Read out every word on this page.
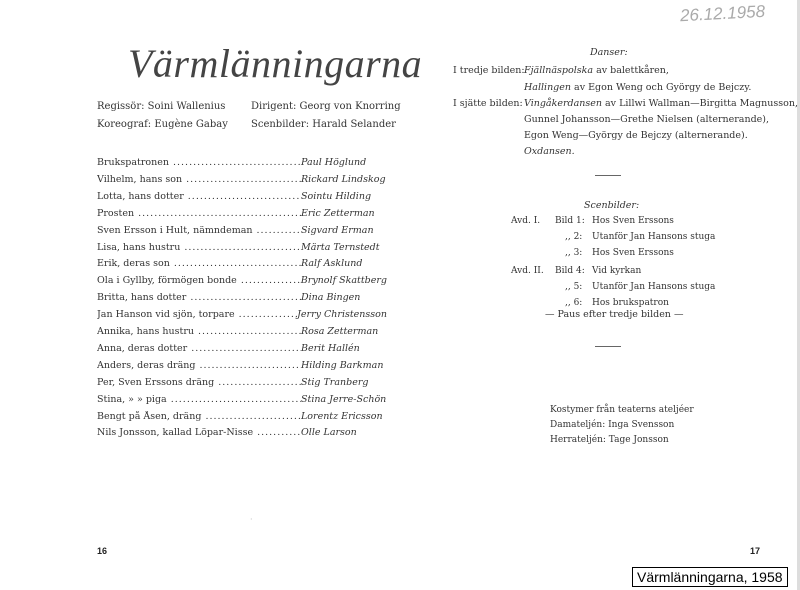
26.12.1958
Värmlänningarna
Regissör: Soini Wallenius	Dirigent: Georg von Knorring
Koreograf: Eugène Gabay Scenbilder: Harald Selander
Brukspatronen .....	Paul Höglund
Vilhelm, hans son .....	Rickard Lindskog
Lotta, hans dotter .....	Sointu Hilding
Prosten .....	Eric Zetterman
Sven Ersson i Hult, nämndeman .....	Sigvard Erman
Lisa, hans hustru .....	Märta Ternstedt
Erik, deras son .....	Ralf Asklund
Ola i Gyllby, förmögen bonde .....	Brynolf Skattberg
Britta, hans dotter .....	Dina Bingen
Jan Hanson vid sjön, torpare .....	Jerry Christensson
Annika, hans hustru .....	Rosa Zetterman
Anna, deras dotter .....	Berit Hallén
Anders, deras dräng .....	Hilding Barkman
Per, Sven Erssons dräng .....	Stig Tranberg
Stina, » » piga .....	Stina Jerre-Schön
Bengt på Åsen, dräng .....	Lorentz Ericsson
Nils Jonsson, kallad Löpar-Nisse .....	Olle Larson
Danser:
I tredje bilden: Fjällnäspolska av balettkåren,
Hallingen av Egon Weng och György de Bejczy.
I sjätte bilden: Vingåkerdansen av Lillwi Wallman—Birgitta Magnusson,
Gunnel Johansson—Grethe Nielsen (alternerande),
Egon Weng—György de Bejczy (alternerande).
Oxdansen.
Scenbilder:
Avd. I. Bild 1: Hos Sven Erssons
,, 2: Utanför Jan Hansons stuga
,, 3: Hos Sven Erssons
Avd. II. Bild 4: Vid kyrkan
,, 5: Utanför Jan Hansons stuga
,, 6: Hos brukspatron
— Paus efter tredje bilden —
Kostymer från teaterns ateljéer
Damateljén: Inga Svensson
Herrateljén: Tage Jonsson
·
16	17
Värmlänningarna, 1958
